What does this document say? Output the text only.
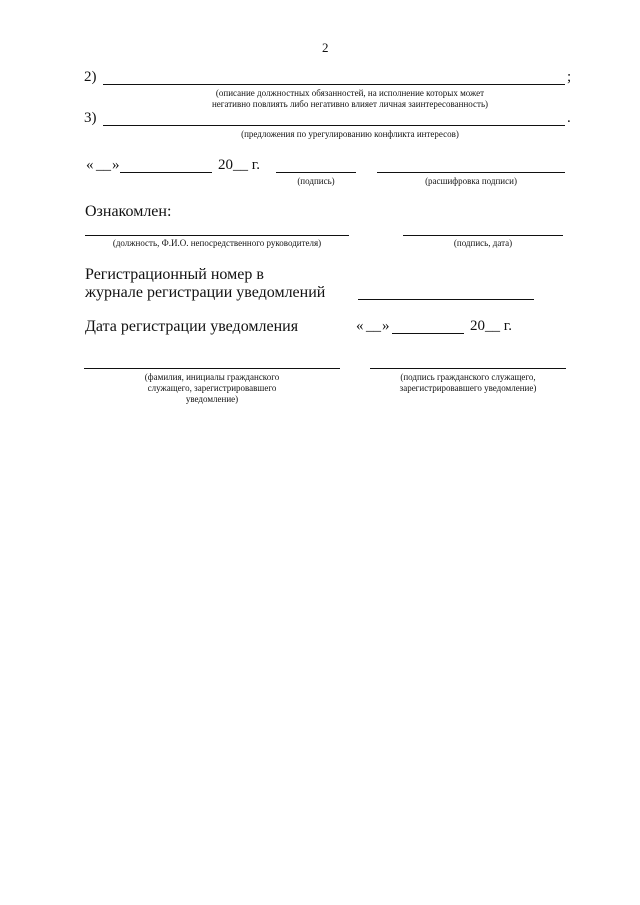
2
2)	;
(описание должностных обязанностей, на исполнение которых может
негативно повлиять либо негативно влияет личная заинтересованность)
3)	.
(предложения по урегулированию конфликта интересов)
« __ »	20__ г.
(подпись)	(расшифровка подписи)
Ознакомлен:
(должность, Ф.И.О. непосредственного руководителя)	(подпись, дата)
Регистрационный номер в
журнале регистрации уведомлений
Дата регистрации уведомления	« __ »	20__ г.
(фамилия, инициалы гражданского
служащего, зарегистрировавшего
уведомление)
(подпись гражданского служащего,
зарегистрировавшего уведомление)
